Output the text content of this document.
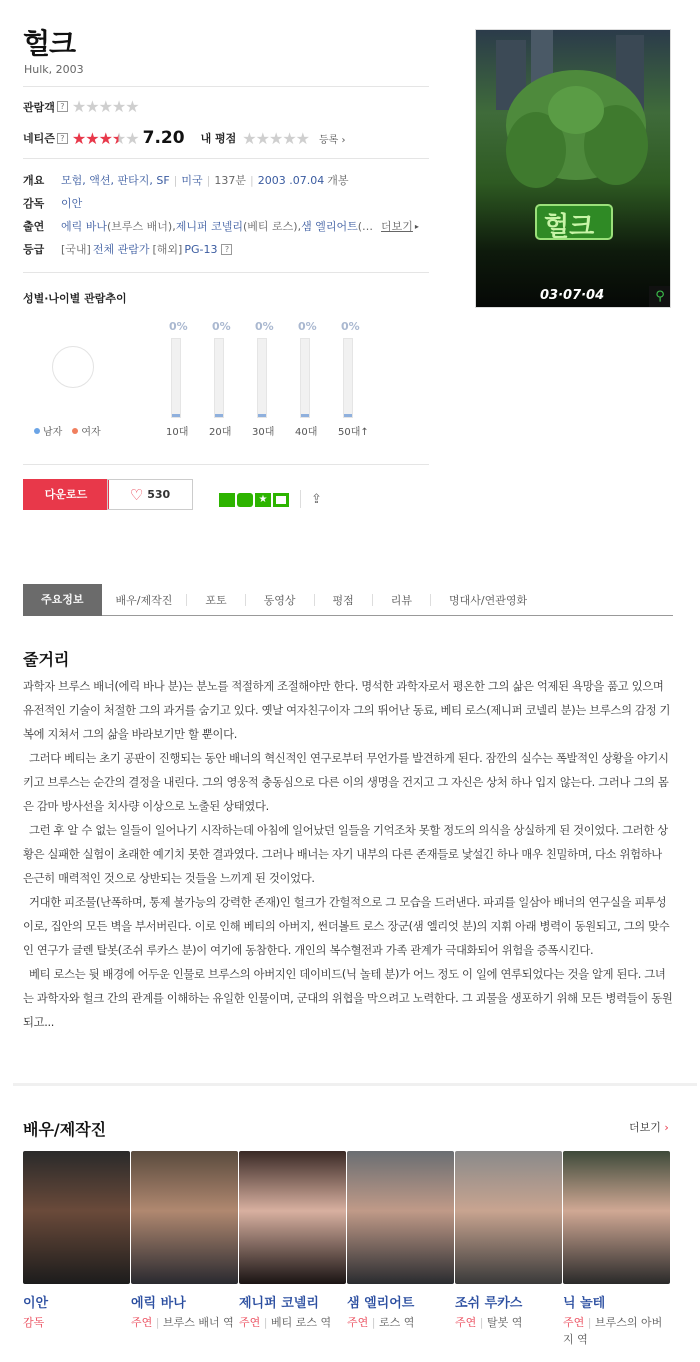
헐크
Hulk, 2003
관람객 ? ★★★★★
네티즌 ? ★★★★★ 7.20 내 평점 ★★★★★ 등록 ›
개요	모험, 액션, 판타지, SF | 미국 | 137분 | 2003 .07.04 개봉
감독	이안
출연	에릭 바나 (브루스 배너), 제니퍼 코넬리 (베티 로스), 샘 엘리어트 (… 더보기 ▸
등급	[국내] 전체 관람가 [해외] PG-13 ?
헐크
03·07·04	⚲
성별·나이별 관람추이
남자 여자
0%
10대
0%
20대
0%
30대
0%
40대
0%
50대↑
다운로드	♡ 530	★	⇪
주요정보	배우/제작진	포토	동영상	평점	리뷰	명대사/연관영화
줄거리

과학자 브루스 배너(에릭 바나 분)는 분노를 적절하게 조절해야만 한다. 명석한 과학자로서 평온한 그의 삶은 억제된 욕망을 품고 있으며 유전적인 기술이 처절한 그의 과거를 숨기고 있다. 옛날 여자친구이자 그의 뛰어난 동료, 베티 로스(제니퍼 코넬리 분)는 브루스의 감정 기복에 지쳐서 그의 삶을 바라보기만 할 뿐이다.

그러다 베티는 초기 공판이 진행되는 동안 배너의 혁신적인 연구로부터 무언가를 발견하게 된다. 잠깐의 실수는 폭발적인 상황을 야기시키고 브루스는 순간의 결정을 내린다. 그의 영웅적 충동심으로 다른 이의 생명을 건지고 그 자신은 상처 하나 입지 않는다. 그러나 그의 몸은 감마 방사선을 치사량 이상으로 노출된 상태였다.

그런 후 알 수 없는 일들이 일어나기 시작하는데 아침에 일어났던 일들을 기억조차 못할 정도의 의식을 상실하게 된 것이었다. 그러한 상황은 실패한 실험이 초래한 예기치 못한 결과였다. 그러나 배너는 자기 내부의 다른 존재들로 낯설긴 하나 매우 친밀하며, 다소 위험하나 은근히 매력적인 것으로 상반되는 것들을 느끼게 된 것이었다.

거대한 피조물(난폭하며, 통제 불가능의 강력한 존재)인 헐크가 간헐적으로 그 모습을 드러낸다. 파괴를 일삼아 배너의 연구실을 피투성이로, 집안의 모든 벽을 부서버린다. 이로 인해 베티의 아버지, 썬더볼트 로스 장군(샘 엘리엇 분)의 지휘 아래 병력이 동원되고, 그의 맞수인 연구가 글렌 탈봇(조쉬 루카스 분)이 여기에 동참한다. 개인의 복수혈전과 가족 관계가 극대화되어 위험을 증폭시킨다.

베티 로스는 뒷 배경에 어두운 인물로 브루스의 아버지인 데이비드(닉 놀테 분)가 어느 정도 이 일에 연루되었다는 것을 알게 된다. 그녀는 과학자와 헐크 간의 관계를 이해하는 유일한 인물이며, 군대의 위협을 막으려고 노력한다. 그 괴물을 생포하기 위해 모든 병력들이 동원되고...

배우/제작진	더보기 ›
이안
감독
에릭 바나
주연 | 브루스 배너 역
제니퍼 코넬리
주연 | 베티 로스 역
샘 엘리어트
주연 | 로스 역
조쉬 루카스
주연 | 탈봇 역
닉 놀테
주연 | 브루스의 아버지 역
